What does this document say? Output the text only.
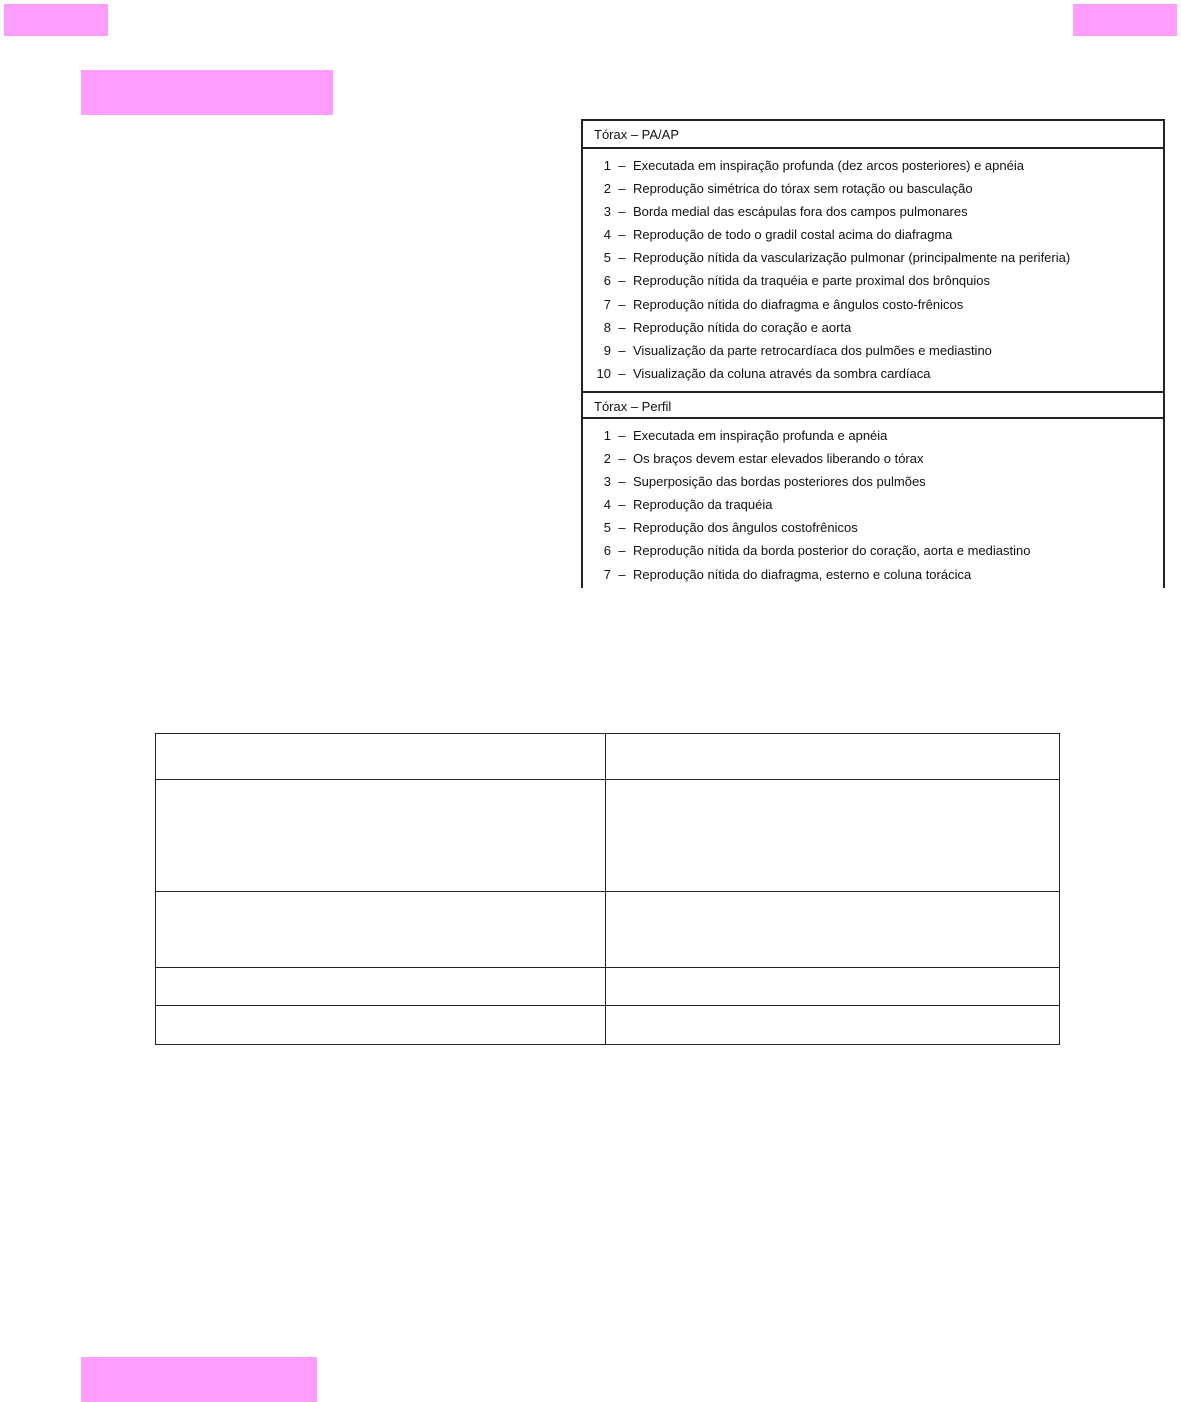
Tórax – PA/AP
1 – Executada em inspiração profunda (dez arcos posteriores) e apnéia
2 – Reprodução simétrica do tórax sem rotação ou basculação
3 – Borda medial das escápulas fora dos campos pulmonares
4 – Reprodução de todo o gradil costal acima do diafragma
5 – Reprodução nítida da vascularização pulmonar (principalmente na periferia)
6 – Reprodução nítida da traquéia e parte proximal dos brônquios
7 – Reprodução nítida do diafragma e ângulos costo-frênicos
8 – Reprodução nítida do coração e aorta
9 – Visualização da parte retrocardíaca dos pulmões e mediastino
10 – Visualização da coluna através da sombra cardíaca
Tórax – Perfil
1 – Executada em inspiração profunda e apnéia
2 – Os braços devem estar elevados liberando o tórax
3 – Superposição das bordas posteriores dos pulmões
4 – Reprodução da traquéia
5 – Reprodução dos ângulos costofrênicos
6 – Reprodução nítida da borda posterior do coração, aorta e mediastino
7 – Reprodução nítida do diafragma, esterno e coluna torácica
